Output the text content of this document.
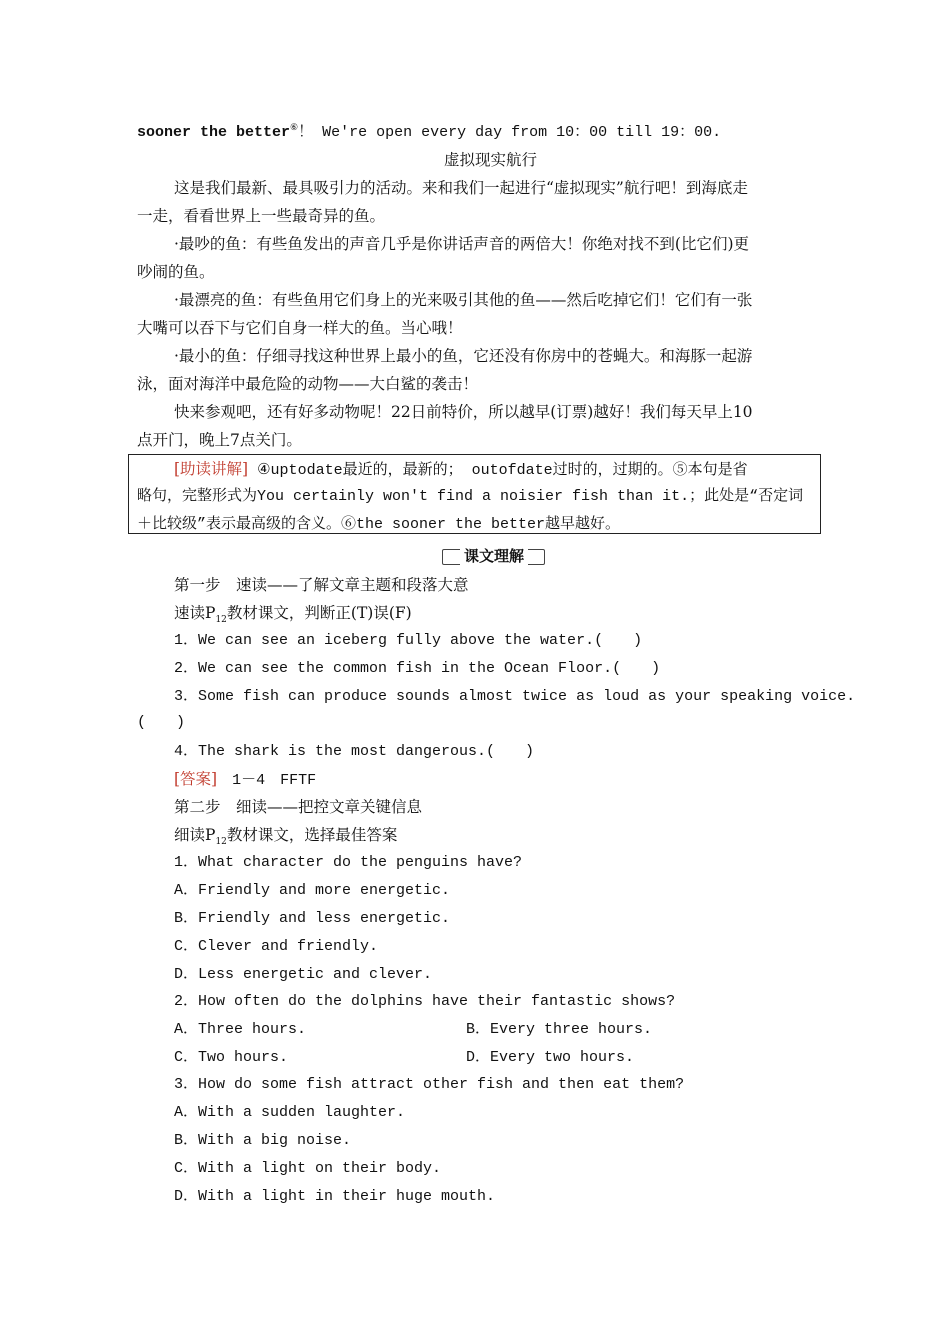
sooner the better⑥！ We're open every day from 10：00 till 19：00.
虚拟现实航行
这是我们最新、最具吸引力的活动。来和我们一起进行“虚拟现实”航行吧！到海底走
一走，看看世界上一些最奇异的鱼。
·最吵的鱼：有些鱼发出的声音几乎是你讲话声音的两倍大！你绝对找不到(比它们)更
吵闹的鱼。
·最漂亮的鱼：有些鱼用它们身上的光来吸引其他的鱼——然后吃掉它们！它们有一张
大嘴可以吞下与它们自身一样大的鱼。当心哦！
·最小的鱼：仔细寻找这种世界上最小的鱼，它还没有你房中的苍蝇大。和海豚一起游
泳，面对海洋中最危险的动物——大白鲨的袭击！
快来参观吧，还有好多动物呢！22日前特价，所以越早(订票)越好！我们每天早上10
点开门，晚上7点关门。
[助读讲解] ④uptodate最近的，最新的； outofdate过时的，过期的。⑤本句是省
略句，完整形式为You certainly won't find a noisier fish than it.；此处是“否定词
＋比较级”表示最高级的含义。⑥the sooner the better越早越好。
课文理解
第一步　速读——了解文章主题和段落大意
速读$P_{12}$教材课文，判断正(T)误(F)
1．We can see an iceberg fully above the water.(　　)
2．We can see the common fish in the Ocean Floor.(　　)
3．Some fish can produce sounds almost twice as loud as your speaking voice.
(　　)
4．The shark is the most dangerous.(　　)
[答案]　1－4　FFTF
第二步　细读——把控文章关键信息
细读$P_{12}$教材课文，选择最佳答案
1．What character do the penguins have?
A．Friendly and more energetic.
B．Friendly and less energetic.
C．Clever and friendly.
D．Less energetic and clever.
2．How often do the dolphins have their fantastic shows?
A．Three hours.	B．Every three hours.
C．Two hours.	D．Every two hours.
3．How do some fish attract other fish and then eat them?
A．With a sudden laughter.
B．With a big noise.
C．With a light on their body.
D．With a light in their huge mouth.
